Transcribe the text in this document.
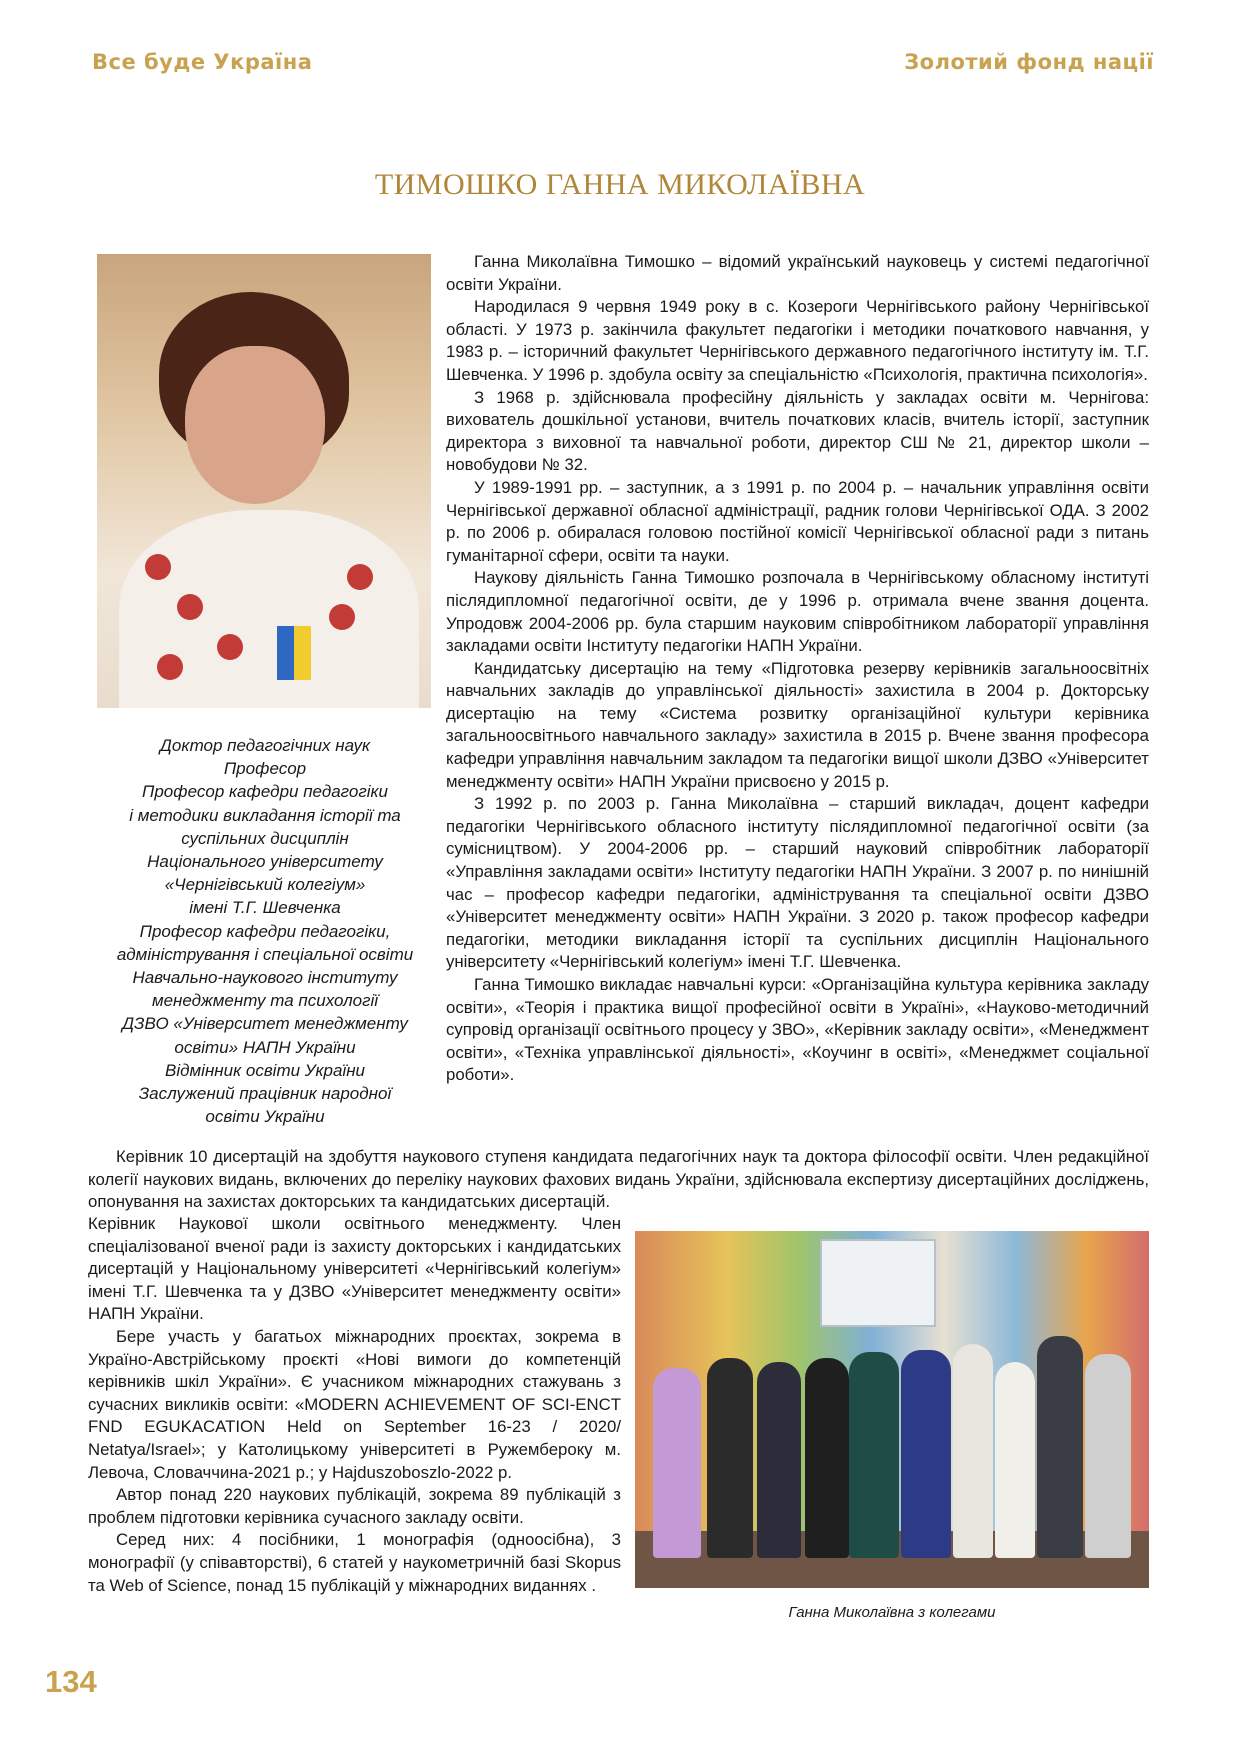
Все буде Україна	Золотий фонд нації
ТИМОШКО ГАННА МИКОЛАЇВНА
Доктор педагогічних наук
Професор
Професор кафедри педагогіки
і методики викладання історії та
суспільних дисциплін
Національного університету
«Чернігівський колегіум»
імені Т.Г. Шевченка
Професор кафедри педагогіки,
адміністрування і спеціальної освіти
Навчально-наукового інституту
менеджменту та психології
ДЗВО «Університет менеджменту
освіти» НАПН України
Відмінник освіти України
Заслужений працівник народної
освіти України

Ганна Миколаївна Тимошко – відомий український науковець у системі педагогічної освіти України.

Народилася 9 червня 1949 року в с. Козероги Чернігівського району Чернігівської області. У 1973 р. закінчила факультет педагогіки і методики початкового навчання, у 1983 р. – історичний факультет Чернігівського державного педагогічного інституту ім. Т.Г. Шевченка. У 1996 р. здобула освіту за спеціальністю «Психологія, практична психологія».

З 1968 р. здійснювала професійну діяльність у закладах освіти м. Чернігова: вихователь дошкільної установи, вчитель початкових класів, вчитель історії, заступник директора з виховної та навчальної роботи, директор СШ № 21, директор школи – новобудови № 32.

У 1989-1991 рр. – заступник, а з 1991 р. по 2004 р. – начальник управління освіти Чернігівської державної обласної адміністрації, радник голови Чернігівської ОДА. З 2002 р. по 2006 р. обиралася головою постійної комісії Чернігівської обласної ради з питань гуманітарної сфери, освіти та науки.

Наукову діяльність Ганна Тимошко розпочала в Чернігівському обласному інституті післядипломної педагогічної освіти, де у 1996 р. отримала вчене звання доцента. Упродовж 2004-2006 рр. була старшим науковим співробітником лабораторії управління закладами освіти Інституту педагогіки НАПН України.

Кандидатську дисертацію на тему «Підготовка резерву керівників загальноосвітніх навчальних закладів до управлінської діяльності» захистила в 2004 р. Докторську дисертацію на тему «Система розвитку організаційної культури керівника загальноосвітнього навчального закладу» захистила в 2015 р. Вчене звання професора кафедри управління навчальним закладом та педагогіки вищої школи ДЗВО «Університет менеджменту освіти» НАПН України присвоєно у 2015 р.

З 1992 р. по 2003 р. Ганна Миколаївна – старший викладач, доцент кафедри педагогіки Чернігівського обласного інституту післядипломної педагогічної освіти (за сумісництвом). У 2004-2006 рр. – старший науковий співробітник лабораторії «Управління закладами освіти» Інституту педагогіки НАПН України. З 2007 р. по нинішній час – професор кафедри педагогіки, адміністрування та спеціальної освіти ДЗВО «Університет менеджменту освіти» НАПН України. З 2020 р. також професор кафедри педагогіки, методики викладання історії та суспільних дисциплін Національного університету «Чернігівський колегіум» імені Т.Г. Шевченка.

Ганна Тимошко викладає навчальні курси: «Організаційна культура керівника закладу освіти», «Теорія і практика вищої професійної освіти в Україні», «Науково-методичний супровід організації освітнього процесу у ЗВО», «Керівник закладу освіти», «Менеджмент освіти», «Техніка управлінської діяльності», «Коучинг в освіті», «Менеджмет соціальної роботи».

Керівник 10 дисертацій на здобуття наукового ступеня кандидата педагогічних наук та доктора філософії освіти. Член редакційної колегії наукових видань, включених до переліку наукових фахових видань України, здійснювала експертизу дисертаційних досліджень, опонування на захистах докторських та кандидатських дисертацій.

Керівник Наукової школи освітнього менеджменту. Член спеціалізованої вченої ради із захисту докторських і кандидатських дисертацій у Національному університеті «Чернігівський колегіум» імені Т.Г. Шевченка та у ДЗВО «Університет менеджменту освіти» НАПН України.

Бере участь у багатьох міжнародних проєктах, зокрема в Україно-Австрійському проєкті «Нові вимоги до компетенцій керівників шкіл України». Є учасником міжнародних стажувань з сучасних викликів освіти: «MODERN ACHIEVEMENT OF SCI-ENCT FND EGUKACATION Held on September 16-23 / 2020/ Netatya/Israel»; у Католицькому університеті в Ружембероку м. Левоча, Словаччина-2021 р.; у Hajduszoboszlo-2022 р.

Автор понад 220 наукових публікацій, зокрема 89 публікацій з проблем підготовки керівника сучасного закладу освіти.

Серед них: 4 посібники, 1 монографія (одноосібна), 3 монографії (у співавторстві), 6 статей у наукометричній базі Skopus та Web of Science, понад 15 публікацій у міжнародних виданнях .

Ганна Миколаївна з колегами
134
